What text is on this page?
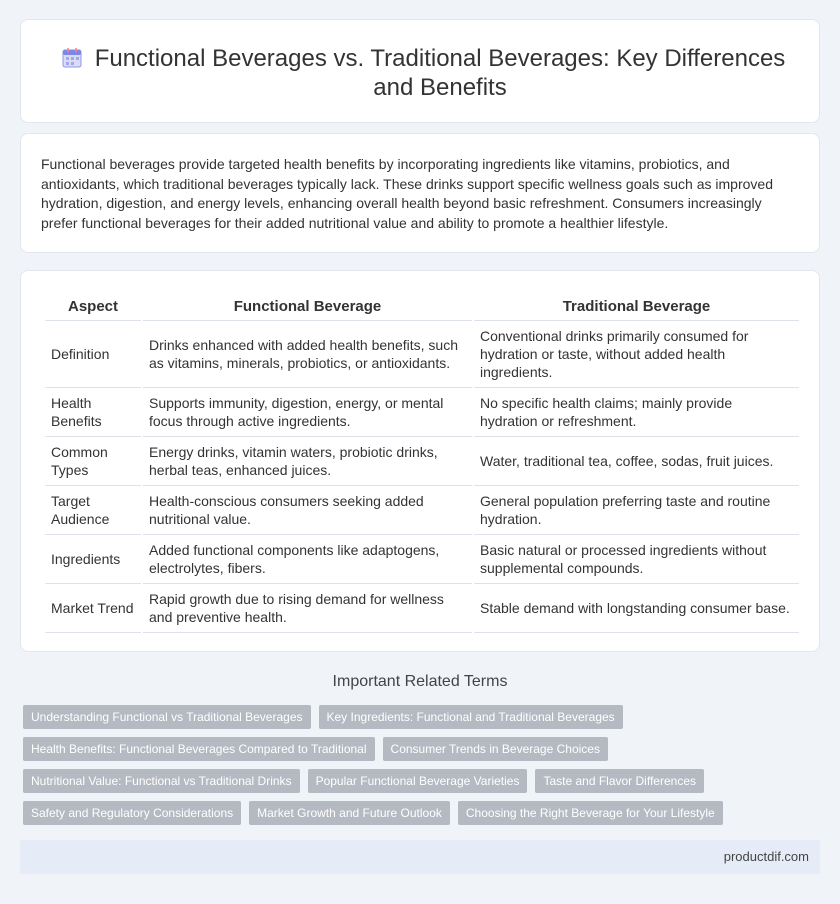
Functional Beverages vs. Traditional Beverages: Key Differences and Benefits

Functional beverages provide targeted health benefits by incorporating ingredients like vitamins, probiotics, and antioxidants, which traditional beverages typically lack. These drinks support specific wellness goals such as improved hydration, digestion, and energy levels, enhancing overall health beyond basic refreshment. Consumers increasingly prefer functional beverages for their added nutritional value and ability to promote a healthier lifestyle.

Aspect	Functional Beverage	Traditional Beverage
Definition	Drinks enhanced with added health benefits, such as vitamins, minerals, probiotics, or antioxidants.	Conventional drinks primarily consumed for hydration or taste, without added health ingredients.
Health Benefits	Supports immunity, digestion, energy, or mental focus through active ingredients.	No specific health claims; mainly provide hydration or refreshment.
Common Types	Energy drinks, vitamin waters, probiotic drinks, herbal teas, enhanced juices.	Water, traditional tea, coffee, sodas, fruit juices.
Target Audience	Health-conscious consumers seeking added nutritional value.	General population preferring taste and routine hydration.
Ingredients	Added functional components like adaptogens, electrolytes, fibers.	Basic natural or processed ingredients without supplemental compounds.
Market Trend	Rapid growth due to rising demand for wellness and preventive health.	Stable demand with longstanding consumer base.
Important Related Terms
Understanding Functional vs Traditional Beverages	Key Ingredients: Functional and Traditional Beverages
Health Benefits: Functional Beverages Compared to Traditional	Consumer Trends in Beverage Choices
Nutritional Value: Functional vs Traditional Drinks	Popular Functional Beverage Varieties	Taste and Flavor Differences
Safety and Regulatory Considerations	Market Growth and Future Outlook	Choosing the Right Beverage for Your Lifestyle
productdif.com
